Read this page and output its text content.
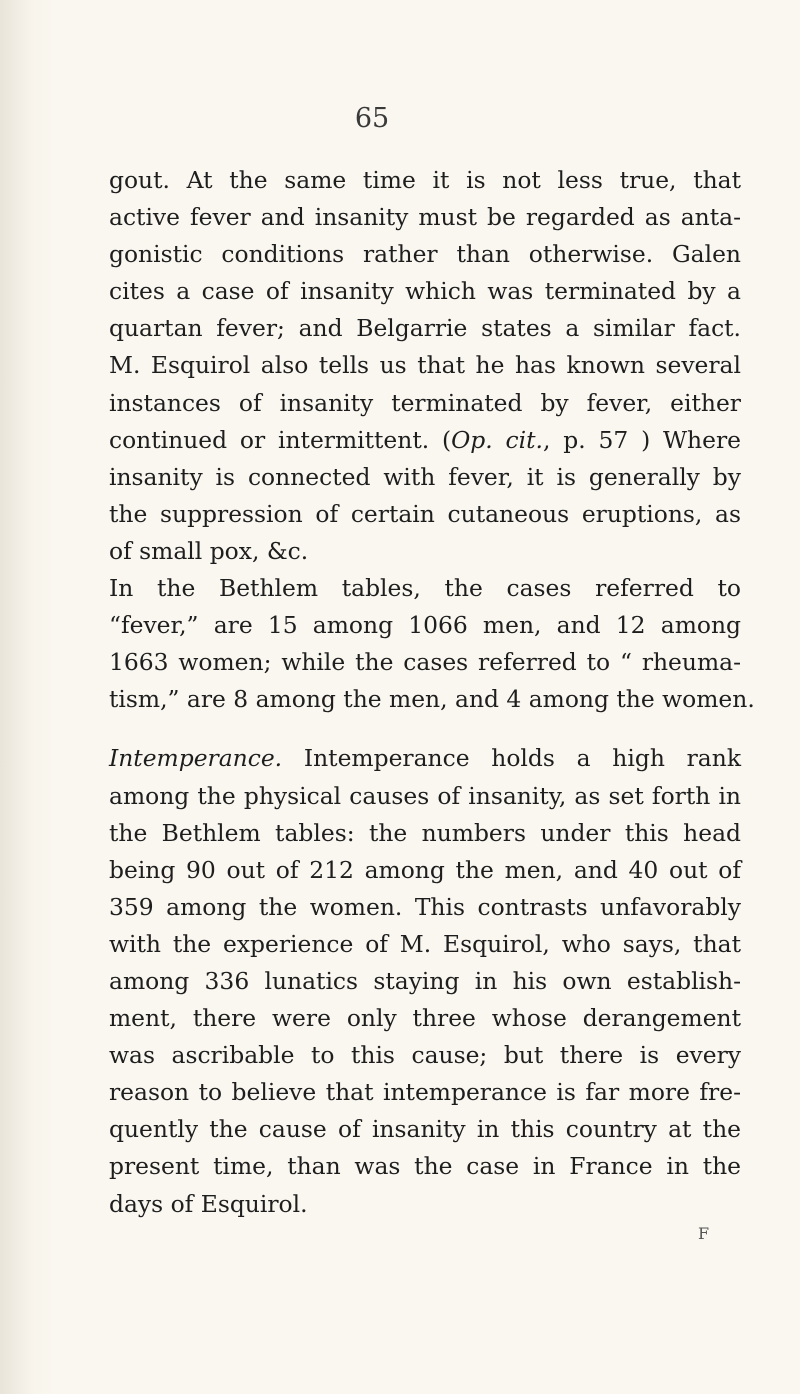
65
gout. At the same time it is not less true, that
active fever and insanity must be regarded as anta-
gonistic conditions rather than otherwise. Galen
cites a case of insanity which was terminated by a
quartan fever; and Belgarrie states a similar fact.
M. Esquirol also tells us that he has known several
instances of insanity terminated by fever, either
continued or intermittent. (Op. cit., p. 57 ) Where
insanity is connected with fever, it is generally by
the suppression of certain cutaneous eruptions, as
of small pox, &c.
In the Bethlem tables, the cases referred to
“fever,” are 15 among 1066 men, and 12 among
1663 women; while the cases referred to “ rheuma-
tism,” are 8 among the men, and 4 among the women.
Intemperance. Intemperance holds a high rank
among the physical causes of insanity, as set forth in
the Bethlem tables: the numbers under this head
being 90 out of 212 among the men, and 40 out of
359 among the women. This contrasts unfavorably
with the experience of M. Esquirol, who says, that
among 336 lunatics staying in his own establish-
ment, there were only three whose derangement
was ascribable to this cause; but there is every
reason to believe that intemperance is far more fre-
quently the cause of insanity in this country at the
present time, than was the case in France in the
days of Esquirol.
F
